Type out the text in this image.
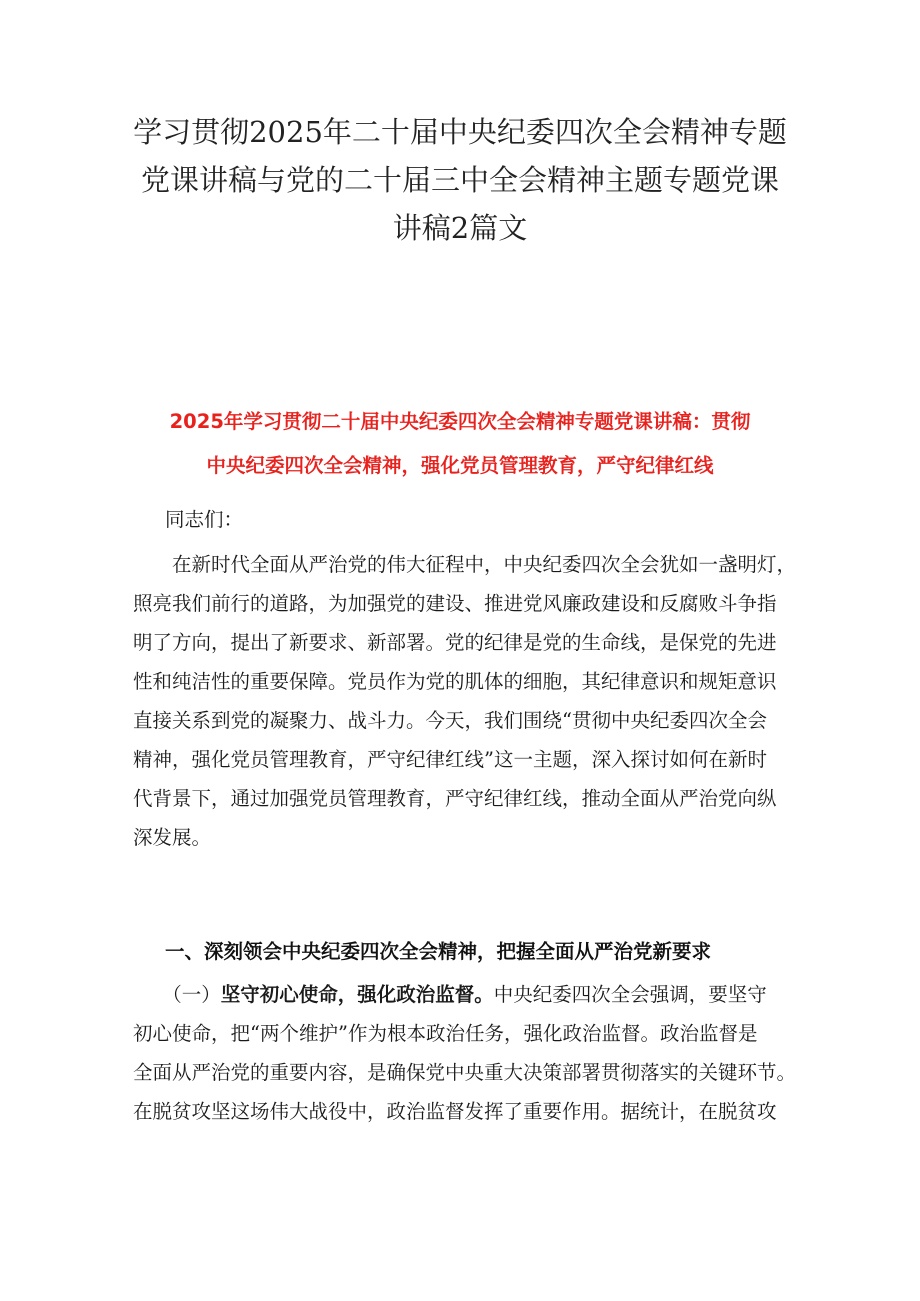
学习贯彻2025年二十届中央纪委四次全会精神专题
党课讲稿与党的二十届三中全会精神主题专题党课
讲稿2篇文
2025年学习贯彻二十届中央纪委四次全会精神专题党课讲稿：贯彻
中央纪委四次全会精神，强化党员管理教育，严守纪律红线
同志们：
　　在新时代全面从严治党的伟大征程中，中央纪委四次全会犹如一盏明灯，
照亮我们前行的道路，为加强党的建设、推进党风廉政建设和反腐败斗争指
明了方向，提出了新要求、新部署。党的纪律是党的生命线，是保党的先进
性和纯洁性的重要保障。党员作为党的肌体的细胞，其纪律意识和规矩意识
直接关系到党的凝聚力、战斗力。今天，我们围绕“贯彻中央纪委四次全会
精神，强化党员管理教育，严守纪律红线”这一主题，深入探讨如何在新时
代背景下，通过加强党员管理教育，严守纪律红线，推动全面从严治党向纵
深发展。
一、深刻领会中央纪委四次全会精神，把握全面从严治党新要求
　　（一）坚守初心使命，强化政治监督。中央纪委四次全会强调，要坚守
初心使命，把“两个维护”作为根本政治任务，强化政治监督。政治监督是
全面从严治党的重要内容，是确保党中央重大决策部署贯彻落实的关键环节。
在脱贫攻坚这场伟大战役中，政治监督发挥了重要作用。据统计，在脱贫攻
